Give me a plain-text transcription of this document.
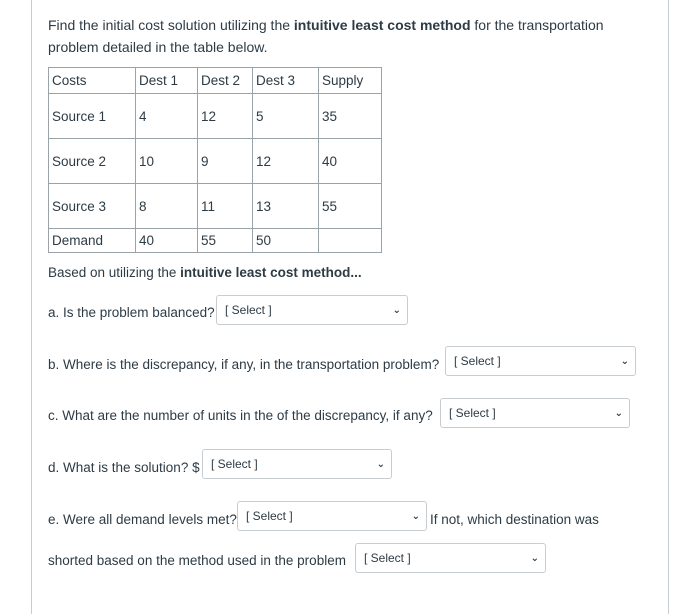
Find the initial cost solution utilizing the intuitive least cost method for the transportation problem detailed in the table below.
Costs	Dest 1	Dest 2	Dest 3	Supply
Source 1	4	12	5	35
Source 2	10	9	12	40
Source 3	8	11	13	55
Demand	40	55	50	
Based on utilizing the intuitive least cost method...
a. Is the problem balanced? [ Select ]	⌄
b. Where is the discrepancy, if any, in the transportation problem? [ Select ]	⌄
c. What are the number of units in the of the discrepancy, if any? [ Select ]	⌄
d. What is the solution? $ [ Select ]	⌄
e. Were all demand levels met? [ Select ]	⌄ If not, which destination was
shorted based on the method used in the problem [ Select ]	⌄
